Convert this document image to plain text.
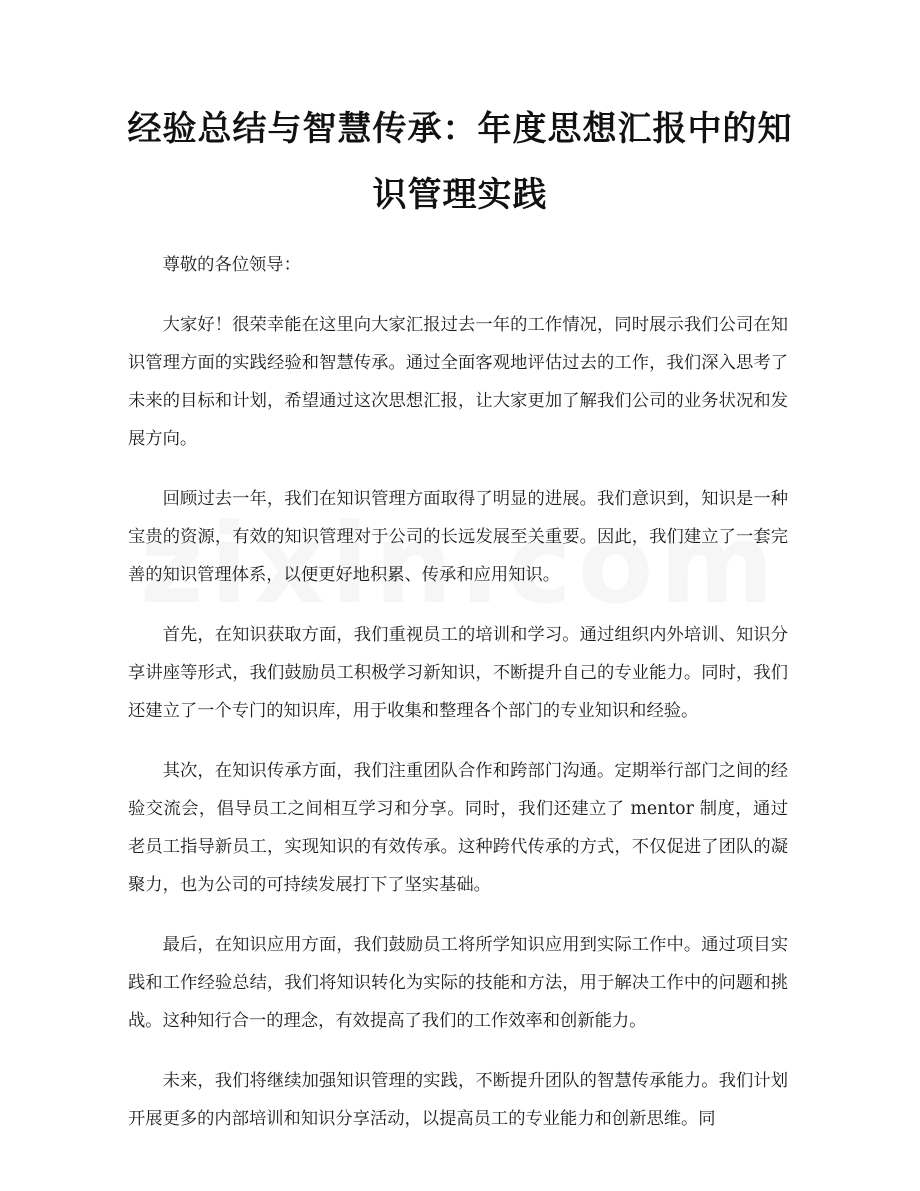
经验总结与智慧传承：年度思想汇报中的知识管理实践

尊敬的各位领导：

大家好！很荣幸能在这里向大家汇报过去一年的工作情况，同时展示我们公司在知识管理方面的实践经验和智慧传承。通过全面客观地评估过去的工作，我们深入思考了未来的目标和计划，希望通过这次思想汇报，让大家更加了解我们公司的业务状况和发展方向。

回顾过去一年，我们在知识管理方面取得了明显的进展。我们意识到，知识是一种宝贵的资源，有效的知识管理对于公司的长远发展至关重要。因此，我们建立了一套完善的知识管理体系，以便更好地积累、传承和应用知识。

首先，在知识获取方面，我们重视员工的培训和学习。通过组织内外培训、知识分享讲座等形式，我们鼓励员工积极学习新知识，不断提升自己的专业能力。同时，我们还建立了一个专门的知识库，用于收集和整理各个部门的专业知识和经验。

其次，在知识传承方面，我们注重团队合作和跨部门沟通。定期举行部门之间的经验交流会，倡导员工之间相互学习和分享。同时，我们还建立了 mentor 制度，通过老员工指导新员工，实现知识的有效传承。这种跨代传承的方式，不仅促进了团队的凝聚力，也为公司的可持续发展打下了坚实基础。

最后，在知识应用方面，我们鼓励员工将所学知识应用到实际工作中。通过项目实践和工作经验总结，我们将知识转化为实际的技能和方法，用于解决工作中的问题和挑战。这种知行合一的理念，有效提高了我们的工作效率和创新能力。

未来，我们将继续加强知识管理的实践，不断提升团队的智慧传承能力。我们计划开展更多的内部培训和知识分享活动，以提高员工的专业能力和创新思维。同
